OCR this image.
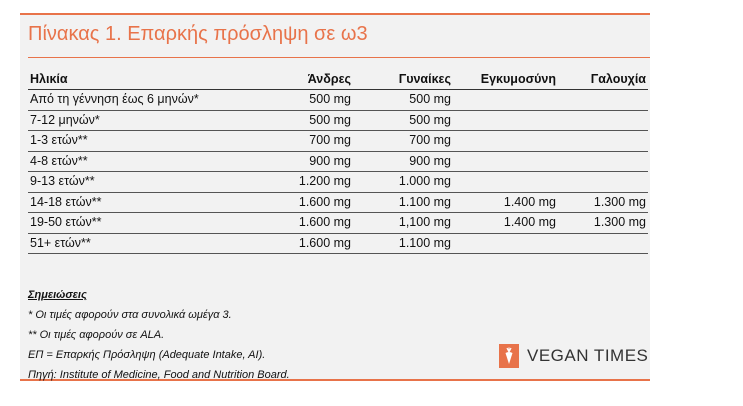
Πίνακας 1. Επαρκής πρόσληψη σε ω3
Ηλικία	Άνδρες	Γυναίκες	Εγκυμοσύνη	Γαλουχία
Από τη γέννηση έως 6 μηνών*	500 mg	500 mg		
7-12 μηνών*	500 mg	500 mg		
1-3 ετών**	700 mg	700 mg		
4-8 ετών**	900 mg	900 mg		
9-13 ετών**	1.200 mg	1.000 mg		
14-18 ετών**	1.600 mg	1.100 mg	1.400 mg	1.300 mg
19-50 ετών**	1.600 mg	1,100 mg	1.400 mg	1.300 mg
51+ ετών**	1.600 mg	1.100 mg		
Σημειώσεις
* Οι τιμές αφορούν στα συνολικά ωμέγα 3.
** Οι τιμές αφορούν σε ALA.
ΕΠ = Επαρκής Πρόσληψη (Adequate Intake, AI).
Πηγή: Institute of Medicine, Food and Nutrition Board.
VEGAN TIMES
